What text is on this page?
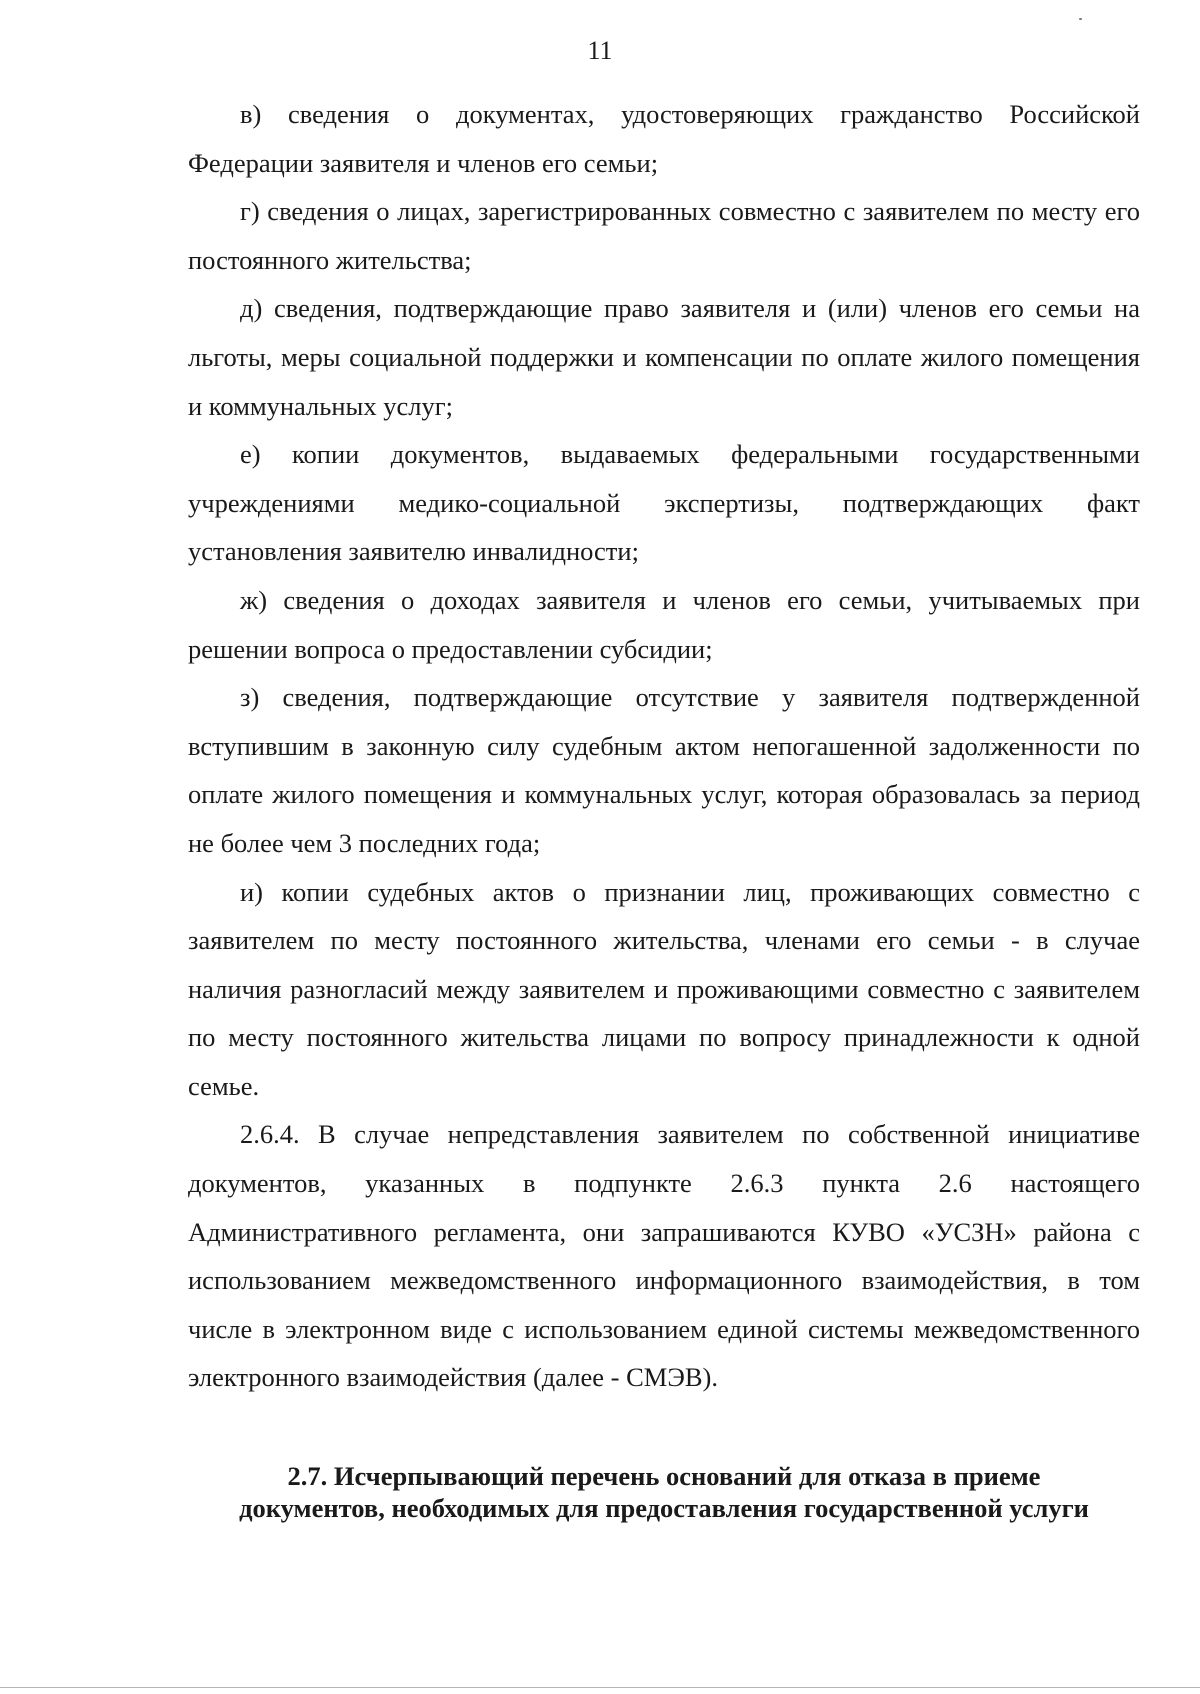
11

в) сведения о документах, удостоверяющих гражданство Российской Федерации заявителя и членов его семьи;

г) сведения о лицах, зарегистрированных совместно с заявителем по месту его постоянного жительства;

д) сведения, подтверждающие право заявителя и (или) членов его семьи на льготы, меры социальной поддержки и компенсации по оплате жилого помещения и коммунальных услуг;

е) копии документов, выдаваемых федеральными государственными учреждениями медико-социальной экспертизы, подтверждающих факт установления заявителю инвалидности;

ж) сведения о доходах заявителя и членов его семьи, учитываемых при решении вопроса о предоставлении субсидии;

з) сведения, подтверждающие отсутствие у заявителя подтвержденной вступившим в законную силу судебным актом непогашенной задолженности по оплате жилого помещения и коммунальных услуг, которая образовалась за период не более чем 3 последних года;

и) копии судебных актов о признании лиц, проживающих совместно с заявителем по месту постоянного жительства, членами его семьи - в случае наличия разногласий между заявителем и проживающими совместно с заявителем по месту постоянного жительства лицами по вопросу принадлежности к одной семье.

2.6.4. В случае непредставления заявителем по собственной инициативе документов, указанных в подпункте 2.6.3 пункта 2.6 настоящего Административного регламента, они запрашиваются КУВО «УСЗН» района с использованием межведомственного информационного взаимодействия, в том числе в электронном виде с использованием единой системы межведомственного электронного взаимодействия (далее - СМЭВ).

2.7. Исчерпывающий перечень оснований для отказа в приеме
документов, необходимых для предоставления государственной услуги
